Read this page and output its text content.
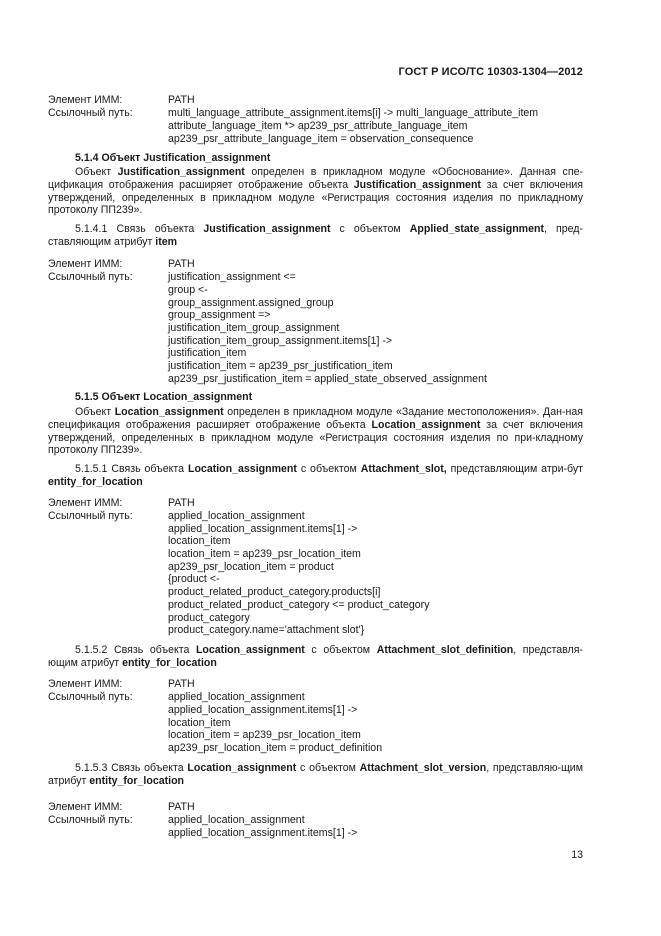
ГОСТ Р ИСО/ТС 10303-1304—2012
Элемент ИММ:	PATH
Ссылочный путь:	multi_language_attribute_assignment.items[i] -> multi_language_attribute_item
attribute_language_item *> ap239_psr_attribute_language_item
ap239_psr_attribute_language_item = observation_consequence
5.1.4 Объект Justification_assignment
Объект Justification_assignment определен в прикладном модуле «Обоснование». Данная спе-цификация отображения расширяет отображение объекта Justification_assignment за счет включения утверждений, определенных в прикладном модуле «Регистрация состояния изделия по прикладному протоколу ПП239».
5.1.4.1 Связь объекта Justification_assignment с объектом Applied_state_assignment, пред-ставляющим атрибут item
Элемент ИММ:	PATH
Ссылочный путь:	justification_assignment <=
group <-
group_assignment.assigned_group
group_assignment =>
justification_item_group_assignment
justification_item_group_assignment.items[1] ->
justification_item
justification_item = ap239_psr_justification_item
ap239_psr_justification_item = applied_state_observed_assignment
5.1.5 Объект Location_assignment
Объект Location_assignment определен в прикладном модуле «Задание местоположения». Дан-ная спецификация отображения расширяет отображение объекта Location_assignment за счет включения утверждений, определенных в прикладном модуле «Регистрация состояния изделия по при-кладному протоколу ПП239».
5.1.5.1 Связь объекта Location_assignment с объектом Attachment_slot, представляющим атри-бут entity_for_location
Элемент ИММ:	PATH
Ссылочный путь:	applied_location_assignment
applied_location_assignment.items[1] ->
location_item
location_item = ap239_psr_location_item
ap239_psr_location_item = product
{product <-
product_related_product_category.products[i]
product_related_product_category <= product_category
product_category
product_category.name='attachment slot'}
5.1.5.2 Связь объекта Location_assignment с объектом Attachment_slot_definition, представля-ющим атрибут entity_for_location
Элемент ИММ:	PATH
Ссылочный путь:	applied_location_assignment
applied_location_assignment.items[1] ->
location_item
location_item = ap239_psr_location_item
ap239_psr_location_item = product_definition
5.1.5.3 Связь объекта Location_assignment с объектом Attachment_slot_version, представляю-щим атрибут entity_for_location
Элемент ИММ:	PATH
Ссылочный путь:	applied_location_assignment
applied_location_assignment.items[1] ->
13
